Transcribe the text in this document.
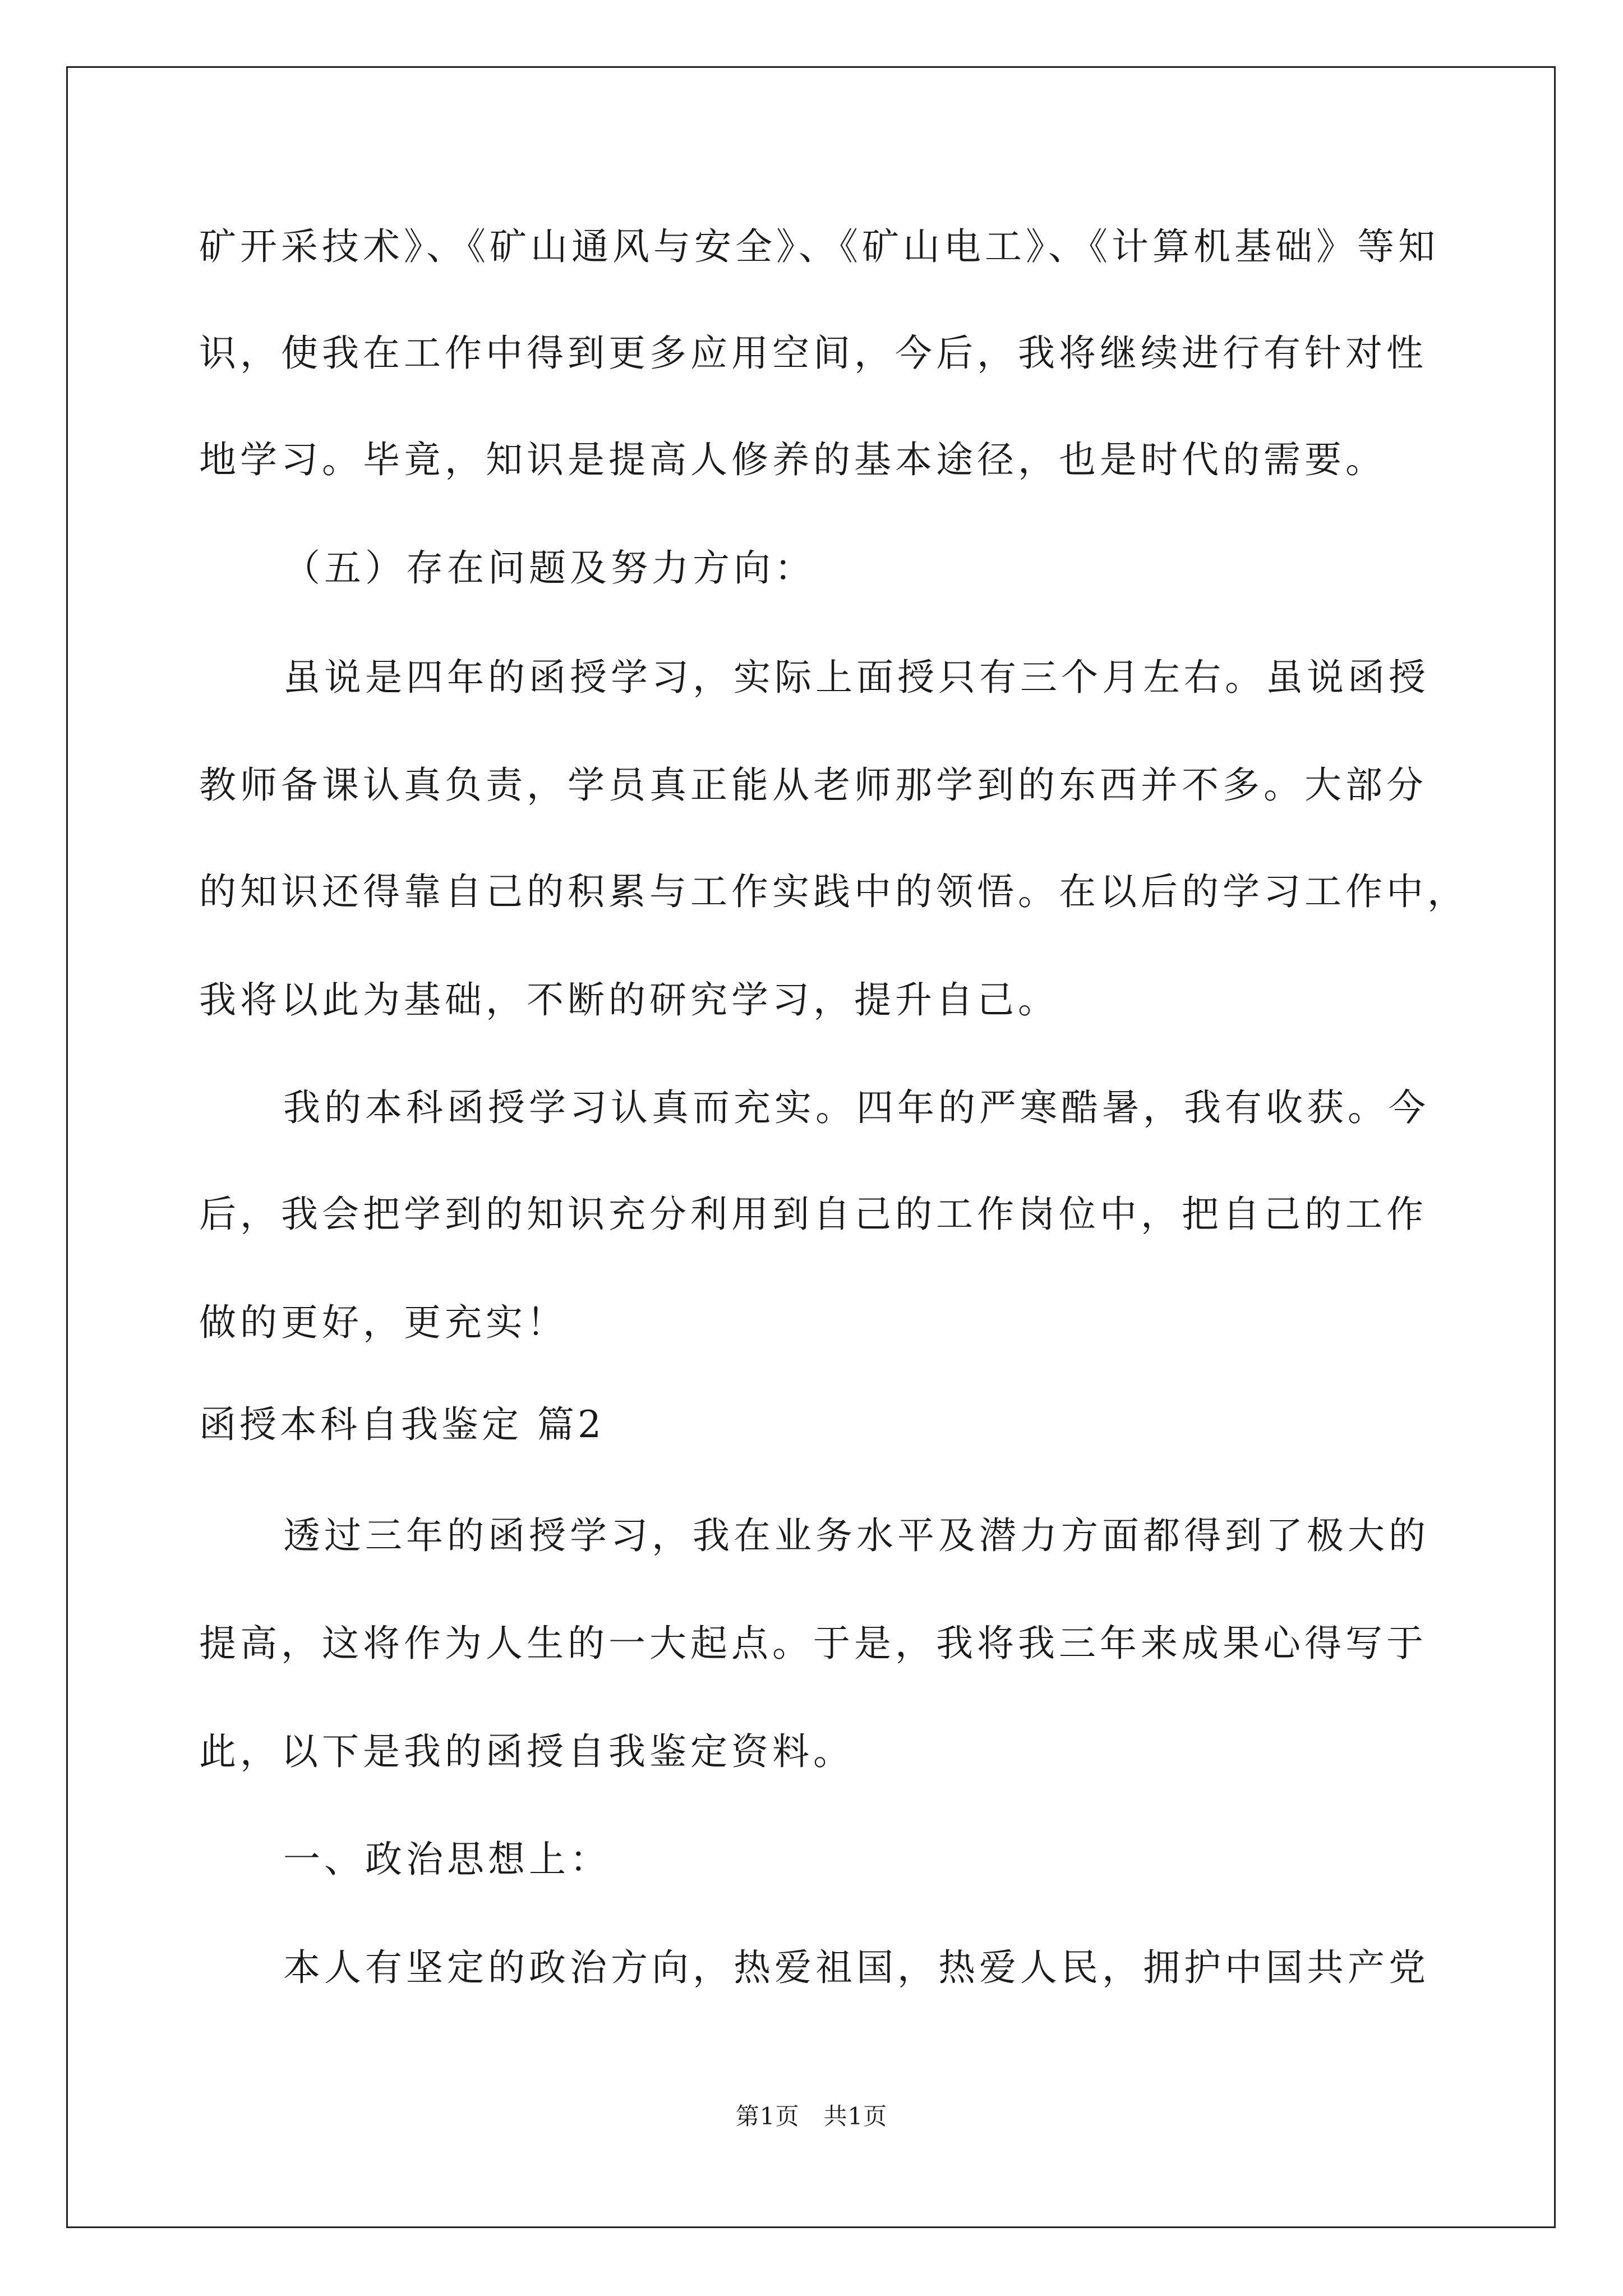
矿开采技术》、《矿山通风与安全》、《矿山电工》、《计算机基础》等知
识，使我在工作中得到更多应用空间，今后，我将继续进行有针对性
地学习。毕竟，知识是提高人修养的基本途径，也是时代的需要。
（五）存在问题及努力方向：
虽说是四年的函授学习，实际上面授只有三个月左右。虽说函授
教师备课认真负责，学员真正能从老师那学到的东西并不多。大部分
的知识还得靠自己的积累与工作实践中的领悟。在以后的学习工作中，
我将以此为基础，不断的研究学习，提升自己。
我的本科函授学习认真而充实。四年的严寒酷暑，我有收获。今
后，我会把学到的知识充分利用到自己的工作岗位中，把自己的工作
做的更好，更充实！
函授本科自我鉴定 篇2
透过三年的函授学习，我在业务水平及潜力方面都得到了极大的
提高，这将作为人生的一大起点。于是，我将我三年来成果心得写于
此，以下是我的函授自我鉴定资料。
一、政治思想上：
本人有坚定的政治方向，热爱祖国，热爱人民，拥护中国共产党
第1页　共1页
